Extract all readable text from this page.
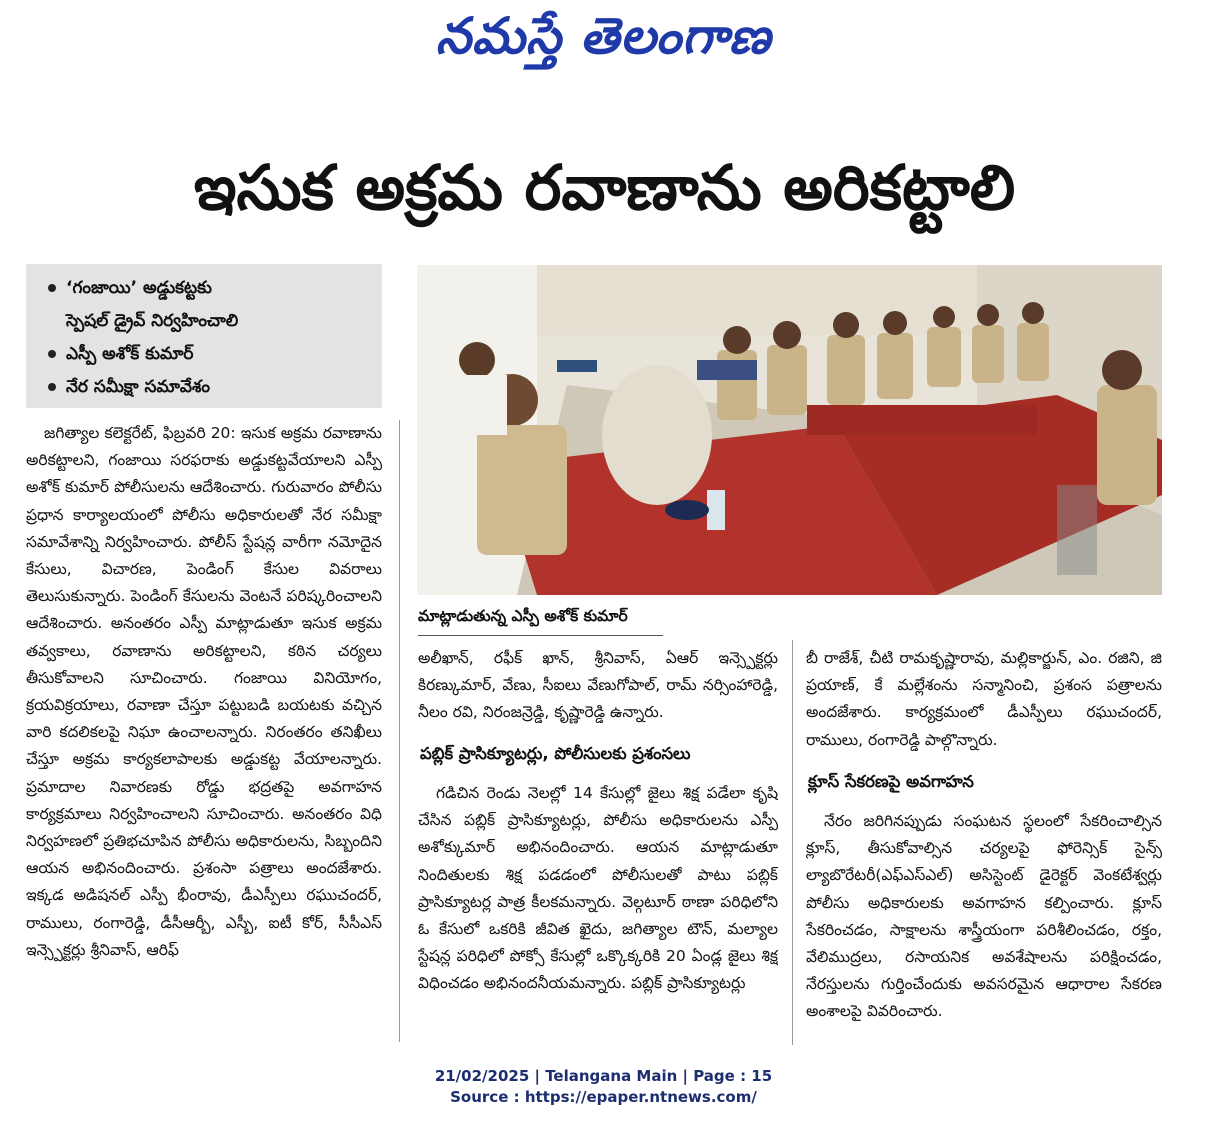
నమస్తే తెలంగాణ
ఇసుక అక్రమ రవాణాను అరికట్టాలి
‘గంజాయి’ అడ్డుకట్టకు
స్పెషల్ డ్రైవ్ నిర్వహించాలి
ఎస్పీ అశోక్ కుమార్
నేర సమీక్షా సమావేశం

జగిత్యాల కలెక్టరేట్, ఫిబ్రవరి 20: ఇసుక అక్రమ రవాణాను అరికట్టాలని, గంజాయి సరఫరాకు అడ్డుకట్టవేయాలని ఎస్పీ అశోక్ కుమార్ పోలీసులను ఆదేశించారు. గురువారం పోలీసు ప్రధాన కార్యాలయంలో పోలీసు అధికారులతో నేర సమీక్షా సమావేశాన్ని నిర్వహించారు. పోలీస్ స్టేషన్ల వారీగా నమోదైన కేసులు, విచారణ, పెండింగ్ కేసుల వివరాలు తెలుసుకున్నారు. పెండింగ్ కేసులను వెంటనే పరిష్కరించాలని ఆదేశించారు. అనంతరం ఎస్పీ మాట్లాడుతూ ఇసుక అక్రమ తవ్వకాలు, రవాణాను అరికట్టాలని, కఠిన చర్యలు తీసుకోవాలని సూచించారు. గంజాయి వినియోగం, క్రయవిక్రయాలు, రవాణా చేస్తూ పట్టుబడి బయటకు వచ్చిన వారి కదలికలపై నిఘా ఉంచాలన్నారు. నిరంతరం తనిఖీలు చేస్తూ అక్రమ కార్యకలాపాలకు అడ్డుకట్ట వేయాలన్నారు. ప్రమాదాల నివారణకు రోడ్డు భద్రతపై అవగాహన కార్యక్రమాలు నిర్వహించాలని సూచించారు. అనంతరం విధి నిర్వహణలో ప్రతిభచూపిన పోలీసు అధికారులను, సిబ్బందిని ఆయన అభినందించారు. ప్రశంసా పత్రాలు అందజేశారు. ఇక్కడ అడిషనల్ ఎస్పీ భీంరావు, డీఎస్పీలు రఘుచందర్, రాములు, రంగారెడ్డి, డీసీఆర్బీ, ఎస్బీ, ఐటీ కోర్, సీసీఎస్ ఇన్స్పెక్టర్లు శ్రీనివాస్, ఆరిఫ్

మాట్లాడుతున్న ఎస్పీ అశోక్ కుమార్

అలీఖాన్, రఫీక్ ఖాన్, శ్రీనివాస్, ఏఆర్ ఇన్స్పెక్టర్లు కిరణ్కుమార్, వేణు, సీఐలు వేణుగోపాల్, రామ్ నర్సింహారెడ్డి, నీలం రవి, నిరంజన్రెడ్డి, కృష్ణారెడ్డి ఉన్నారు.

పబ్లిక్ ప్రాసిక్యూటర్లు, పోలీసులకు ప్రశంసలు

గడిచిన రెండు నెలల్లో 14 కేసుల్లో జైలు శిక్ష పడేలా కృషి చేసిన పబ్లిక్ ప్రాసిక్యూటర్లు, పోలీసు అధికారులను ఎస్పీ అశోక్కుమార్ అభినందించారు. ఆయన మాట్లాడుతూ నిందితులకు శిక్ష పడడంలో పోలీసులతో పాటు పబ్లిక్ ప్రాసిక్యూటర్ల పాత్ర కీలకమన్నారు. వెల్గటూర్ ఠాణా పరిధిలోని ఓ కేసులో ఒకరికి జీవిత ఖైదు, జగిత్యాల టౌన్, మల్యాల స్టేషన్ల పరిధిలో పోక్సో కేసుల్లో ఒక్కొక్కరికి 20 ఏండ్ల జైలు శిక్ష విధించడం అభినందనీయమన్నారు. పబ్లిక్ ప్రాసిక్యూటర్లు

బీ రాజేశ్, చీటి రామకృష్ణారావు, మల్లికార్జున్, ఎం. రజిని, జి ప్రయాణ్, కే మల్లేశంను సన్మానించి, ప్రశంస పత్రాలను అందజేశారు. కార్యక్రమంలో డీఎస్పీలు రఘుచందర్, రాములు, రంగారెడ్డి పాల్గొన్నారు.

క్లూస్ సేకరణపై అవగాహన

నేరం జరిగినప్పుడు సంఘటన స్థలంలో సేకరించాల్సిన క్లూస్, తీసుకోవాల్సిన చర్యలపై ఫోరెన్సిక్ సైన్స్ ల్యాబొరేటరీ(ఎఫ్ఎస్ఎల్) అసిస్టెంట్ డైరెక్టర్ వెంకటేశ్వర్లు పోలీసు అధికారులకు అవగాహన కల్పించారు. క్లూస్ సేకరించడం, సాక్షాలను శాస్త్రీయంగా పరిశీలించడం, రక్తం, వేలిముద్రలు, రసాయనిక అవశేషాలను పరిక్షించడం, నేరస్తులను గుర్తించేందుకు అవసరమైన ఆధారాల సేకరణ అంశాలపై వివరించారు.

21/02/2025 | Telangana Main | Page : 15
Source : https://epaper.ntnews.com/
